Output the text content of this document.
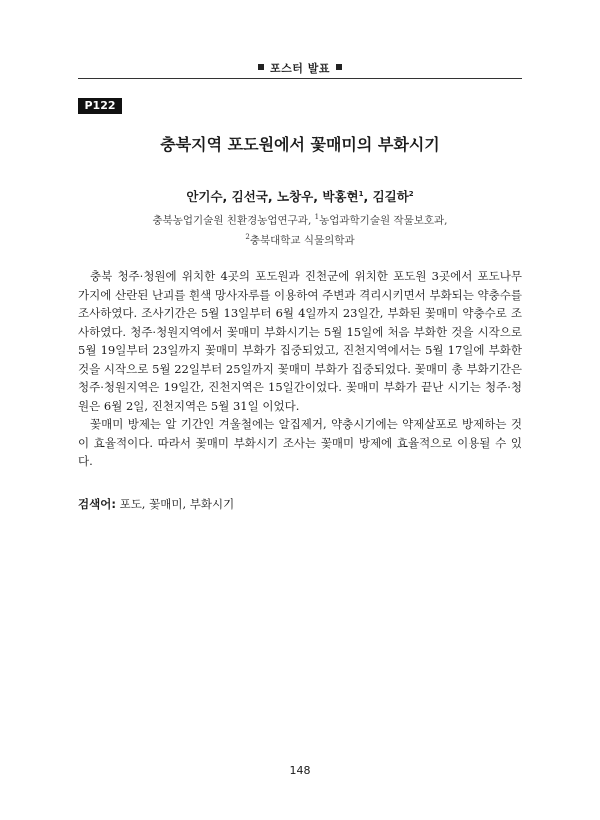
포스터 발표
P122
충북지역 포도원에서 꽃매미의 부화시기
안기수, 김선국, 노창우, 박홍현$^1$, 김길하$^2$
충북농업기술원 친환경농업연구과, $^1$농업과학기술원 작물보호과,
$^2$충북대학교 식물의학과

충북 청주·청원에 위치한 4곳의 포도원과 진천군에 위치한 포도원 3곳에서 포도나무 가지에 산란된 난괴를 흰색 망사자루를 이용하여 주변과 격리시키면서 부화되는 약충수를 조사하였다. 조사기간은 5월 13일부터 6월 4일까지 23일간, 부화된 꽃매미 약충수로 조사하였다. 청주·청원지역에서 꽃매미 부화시기는 5월 15일에 처음 부화한 것을 시작으로 5월 19일부터 23일까지 꽃매미 부화가 집중되었고, 진천지역에서는 5월 17일에 부화한 것을 시작으로 5월 22일부터 25일까지 꽃매미 부화가 집중되었다. 꽃매미 총 부화기간은 청주·청원지역은 19일간, 진천지역은 15일간이었다. 꽃매미 부화가 끝난 시기는 청주·청원은 6월 2일, 진천지역은 5월 31일 이었다.

꽃매미 방제는 알 기간인 겨울철에는 알집제거, 약충시기에는 약제살포로 방제하는 것이 효율적이다. 따라서 꽃매미 부화시기 조사는 꽃매미 방제에 효율적으로 이용될 수 있다.

검색어: 포도, 꽃매미, 부화시기
148
